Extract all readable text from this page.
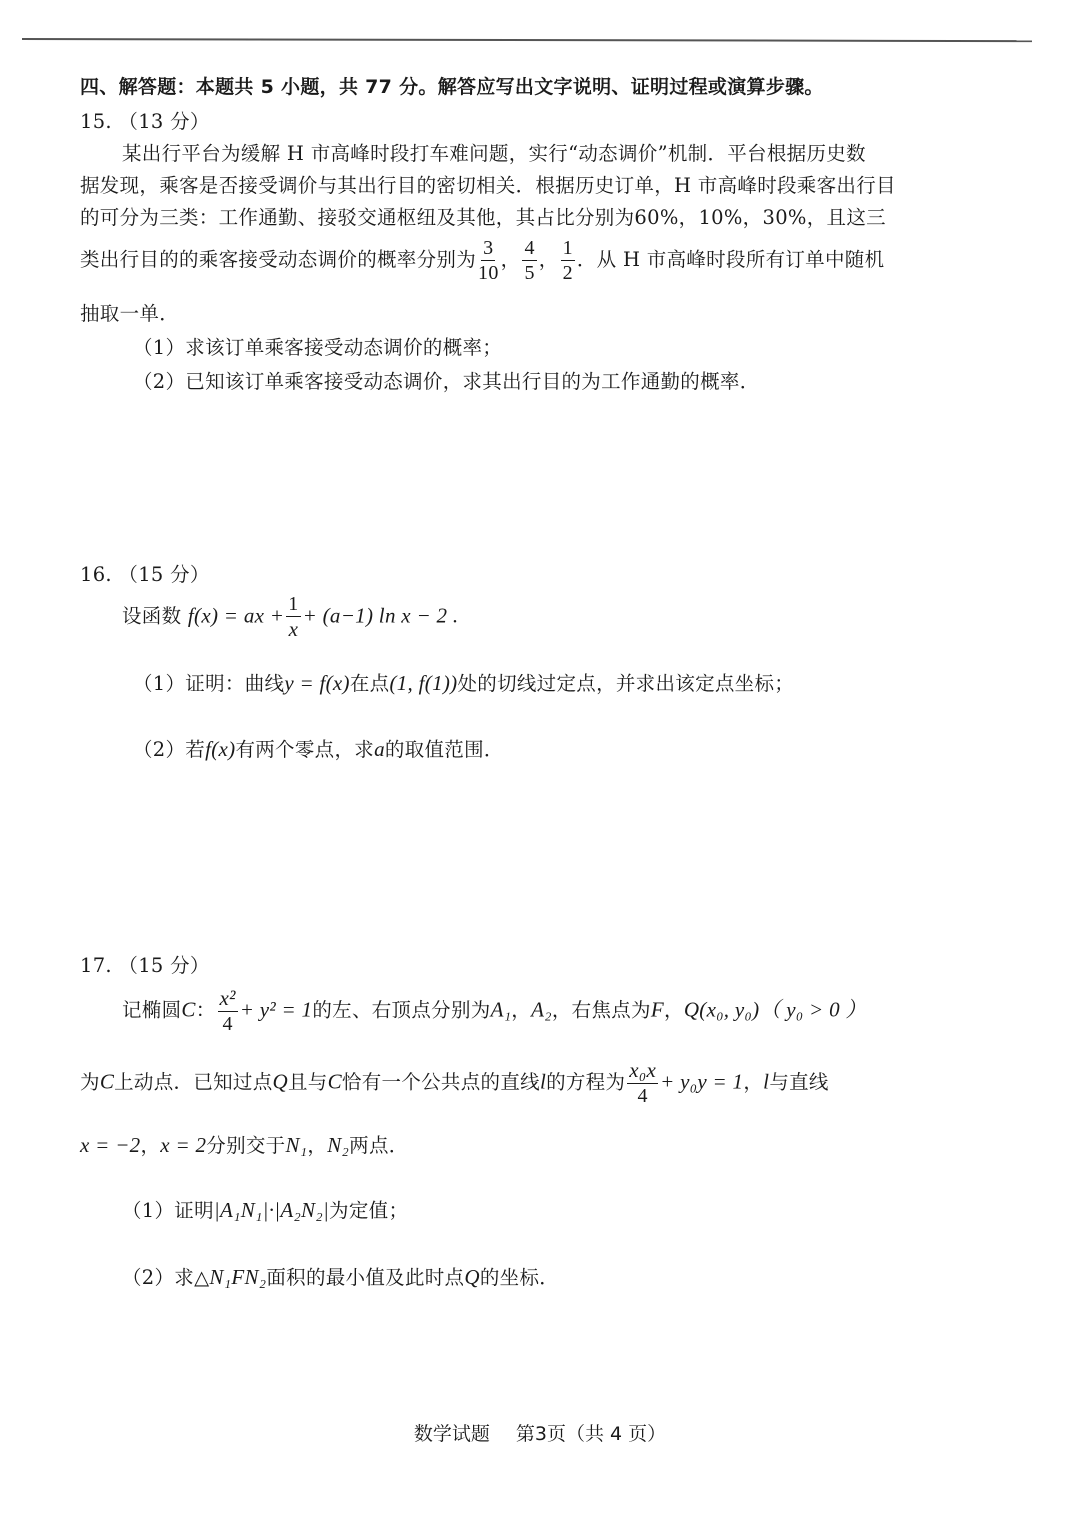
四、解答题：本题共 5 小题，共 77 分。解答应写出文字说明、证明过程或演算步骤。
15. （13 分）
某出行平台为缓解 H 市高峰时段打车难问题，实行“动态调价”机制．平台根据历史数
据发现，乘客是否接受调价与其出行目的密切相关．根据历史订单，H 市高峰时段乘客出行目
的可分为三类：工作通勤、接驳交通枢纽及其他，其占比分别为60%，10%，30%，且这三
类出行目的的乘客接受动态调价的概率分别为 $\frac{3}{10}$ ， $\frac{4}{5}$ ， $\frac{1}{2}$ ．从 H 市高峰时段所有订单中随机
抽取一单．
（1）求该订单乘客接受动态调价的概率；
（2）已知该订单乘客接受动态调价，求其出行目的为工作通勤的概率．
16. （15 分）
设函数 f(x) = ax + $\frac{1}{x} + (a-1)$ ln x − 2 .
（1）证明：曲线y = f(x)在点(1, f(1))处的切线过定点，并求出该定点坐标；
（2）若f(x)有两个零点，求a的取值范围．
17. （15 分）
记椭圆C： $\frac{\text{x²}}{4} + y^2 = 1$的左、右顶点分别为A₁，A₂，右焦点为F，Q(x₀, y₀)（ y₀ > 0 ）
为C上动点．已知过点Q且与C恰有一个公共点的直线l的方程为 $\frac{\text{x₀x}}{4} + y_0y = 1$，l与直线
x = −2，x = 2分别交于N₁，N₂两点．
（1）证明|A₁N₁|·|A₂N₂|为定值；
（2）求△N₁FN₂面积的最小值及此时点Q的坐标．
数学试题 第3页（共 4 页）
